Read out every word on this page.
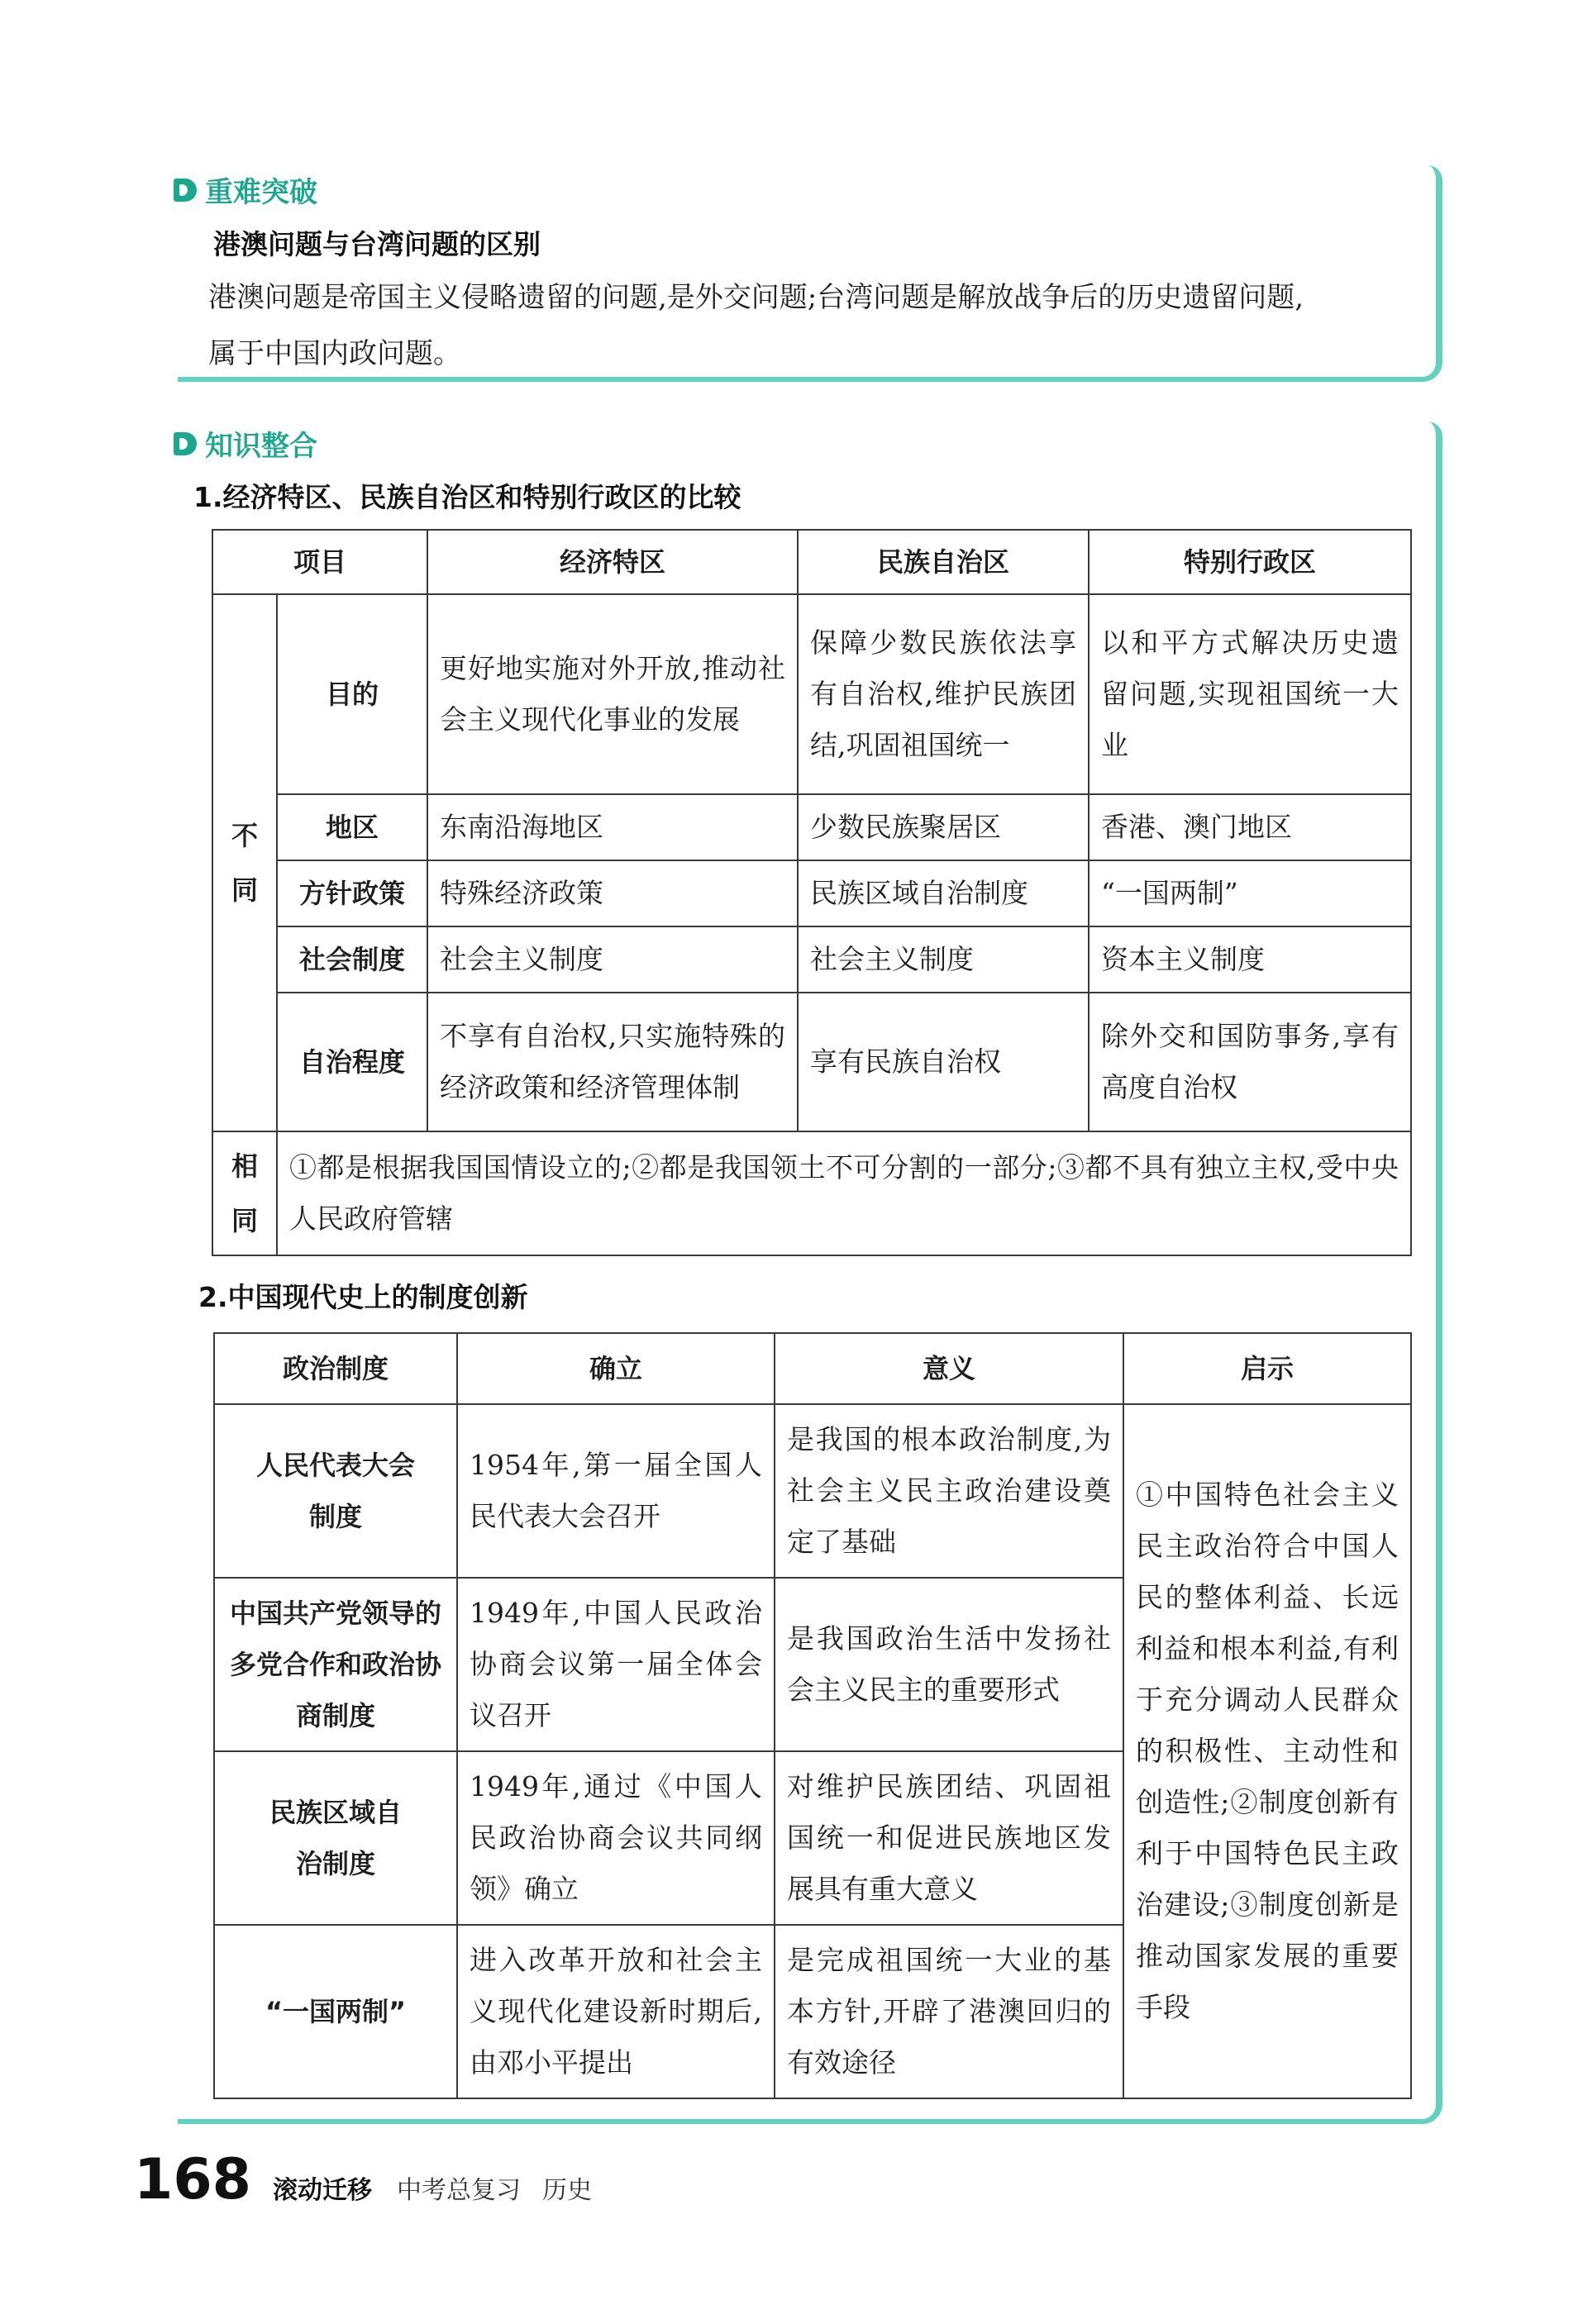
重难突破
港澳问题与台湾问题的区别
港澳问题是帝国主义侵略遗留的问题,是外交问题;台湾问题是解放战争后的历史遗留问题,
属于中国内政问题。
知识整合
1.经济特区、民族自治区和特别行政区的比较
项目		经济特区	民族自治区	特别行政区

不
同	目的	更好地实施对外开放,推动社会主义现代化事业的发展	保障少数民族依法享有自治权,维护民族团结,巩固祖国统一	以和平方式解决历史遗留问题,实现祖国统一大业
	地区	东南沿海地区	少数民族聚居区	香港、澳门地区
	方针政策	特殊经济政策	民族区域自治制度	“一国两制”
	社会制度	社会主义制度	社会主义制度	资本主义制度
	自治程度	不享有自治权,只实施特殊的经济政策和经济管理体制	享有民族自治权	除外交和国防事务,享有高度自治权

相
同	①都是根据我国国情设立的;②都是我国领土不可分割的一部分;③都不具有独立主权,受中央人民政府管辖			
2.中国现代史上的制度创新
政治制度	确立	意义	启示
人民代表大会制度	1954年,第一届全国人民代表大会召开	是我国的根本政治制度,为社会主义民主政治建设奠定了基础	①中国特色社会主义民主政治符合中国人民的整体利益、长远利益和根本利益,有利于充分调动人民群众的积极性、主动性和创造性;②制度创新有利于中国特色民主政治建设;③制度创新是推动国家发展的重要手段
中国共产党领导的多党合作和政治协商制度	1949年,中国人民政治协商会议第一届全体会议召开	是我国政治生活中发扬社会主义民主的重要形式	
民族区域自治制度	1949年,通过《中国人民政治协商会议共同纲领》确立	对维护民族团结、巩固祖国统一和促进民族地区发展具有重大意义	
“一国两制”	进入改革开放和社会主义现代化建设新时期后,由邓小平提出	是完成祖国统一大业的基本方针,开辟了港澳回归的有效途径	
168 滚动迁移 中考总复习 历史
